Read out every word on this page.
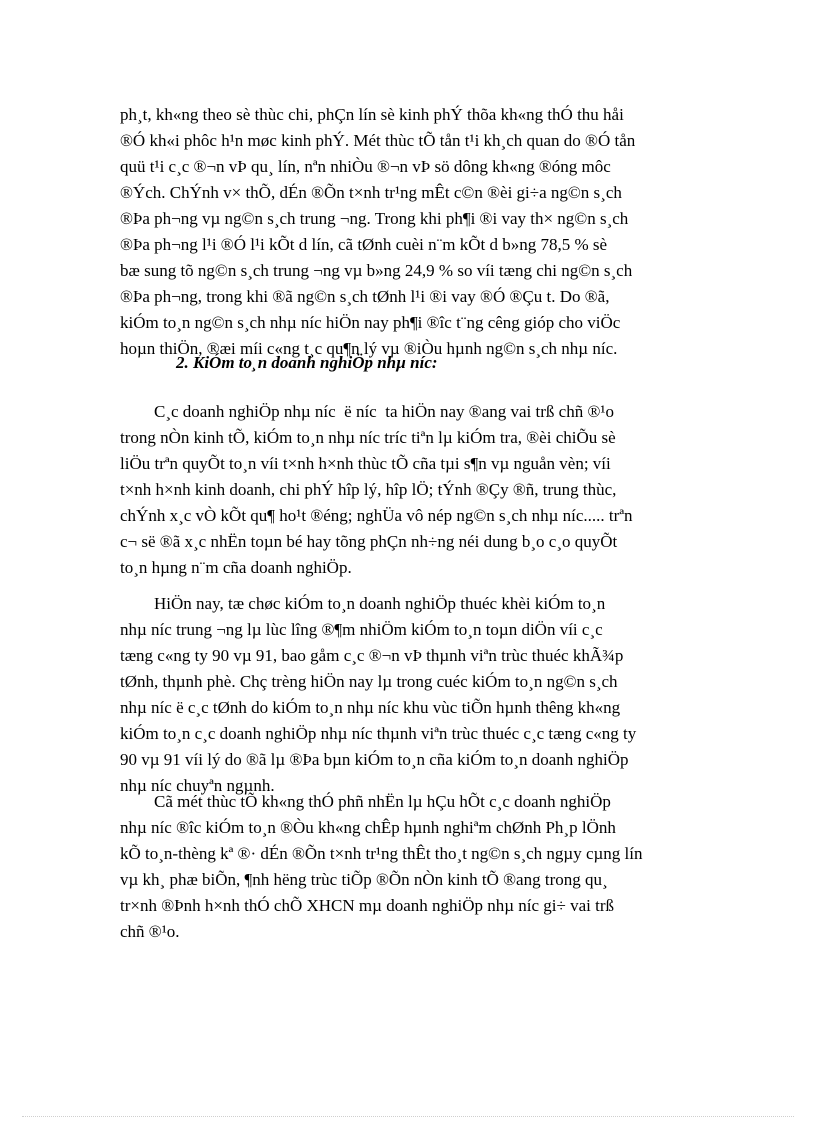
ph¸t, kh«ng theo sè thùc chi, phÇn lín sè kinh phÝ thõa kh«ng thÓ thu håi
®Ó kh«i phôc h¹n møc kinh phÝ. Mét thùc tÕ tån t¹i kh¸ch quan do ®Ó tån
quü t¹i c¸c ®¬n vÞ qu¸ lín, nªn nhiÒu ®¬n vÞ sö dông kh«ng ®óng môc
®Ých. ChÝnh v× thÕ, dÉn ®Õn t×nh tr¹ng mÊt c©n ®èi gi÷a ng©n s¸ch
®Þa ph¬ng vµ ng©n s¸ch trung ¬ng. Trong khi ph¶i ®i vay th× ng©n s¸ch
®Þa ph¬ng l¹i ®Ó l¹i kÕt d lín, cã tØnh cuèi n¨m kÕt d b»ng 78,5 % sè
bæ sung tõ ng©n s¸ch trung ¬ng vµ b»ng 24,9 % so víi tæng chi ng©n s¸ch
®Þa ph¬ng, trong khi ®ã ng©n s¸ch tØnh l¹i ®i vay ®Ó ®Çu t. Do ®ã,
kiÓm to¸n ng©n s¸ch nhµ níc hiÖn nay ph¶i ®îc t¨ng cêng gióp cho viÖc
hoµn thiÖn, ®æi míi c«ng t¸c qu¶n lý vµ ®iÒu hµnh ng©n s¸ch nhµ níc.
2. KiÓm to¸n doanh nghiÖp nhµ níc:
C¸c doanh nghiÖp nhµ níc  ë níc  ta hiÖn nay ®ang vai trß chñ ®¹o
trong nÒn kinh tÕ, kiÓm to¸n nhµ níc tríc tiªn lµ kiÓm tra, ®èi chiÕu sè
liÖu trªn quyÕt to¸n víi t×nh h×nh thùc tÕ cña tµi s¶n vµ nguån vèn; víi
t×nh h×nh kinh doanh, chi phÝ hîp lý, hîp lÖ; tÝnh ®Çy ®ñ, trung thùc,
chÝnh x¸c vÒ kÕt qu¶ ho¹t ®éng; nghÜa vô nép ng©n s¸ch nhµ níc..... trªn
c¬ së ®ã x¸c nhËn toµn bé hay tõng phÇn nh÷ng néi dung b¸o c¸o quyÕt
to¸n hµng n¨m cña doanh nghiÖp.
HiÖn nay, tæ chøc kiÓm to¸n doanh nghiÖp thuéc khèi kiÓm to¸n
nhµ níc trung ¬ng lµ lùc lîng ®¶m nhiÖm kiÓm to¸n toµn diÖn víi c¸c
tæng c«ng ty 90 vµ 91, bao gåm c¸c ®¬n vÞ thµnh viªn trùc thuéc khÃ¾p
tØnh, thµnh phè. Chç trèng hiÖn nay lµ trong cuéc kiÓm to¸n ng©n s¸ch
nhµ níc ë c¸c tØnh do kiÓm to¸n nhµ níc khu vùc tiÕn hµnh thêng kh«ng
kiÓm to¸n c¸c doanh nghiÖp nhµ níc thµnh viªn trùc thuéc c¸c tæng c«ng ty
90 vµ 91 víi lý do ®ã lµ ®Þa bµn kiÓm to¸n cña kiÓm to¸n doanh nghiÖp
nhµ níc chuyªn ngµnh.
Cã mét thùc tÕ kh«ng thÓ phñ nhËn lµ hÇu hÕt c¸c doanh nghiÖp
nhµ níc ®îc kiÓm to¸n ®Òu kh«ng chÊp hµnh nghiªm chØnh Ph¸p lÖnh
kÕ to¸n-thèng kª ®· dÉn ®Õn t×nh tr¹ng thÊt tho¸t ng©n s¸ch ngµy cµng lín
vµ kh¸ phæ biÕn, ¶nh hëng trùc tiÕp ®Õn nÒn kinh tÕ ®ang trong qu¸
tr×nh ®Þnh h×nh thÓ chÕ XHCN mµ doanh nghiÖp nhµ níc gi÷ vai trß
chñ ®¹o.
